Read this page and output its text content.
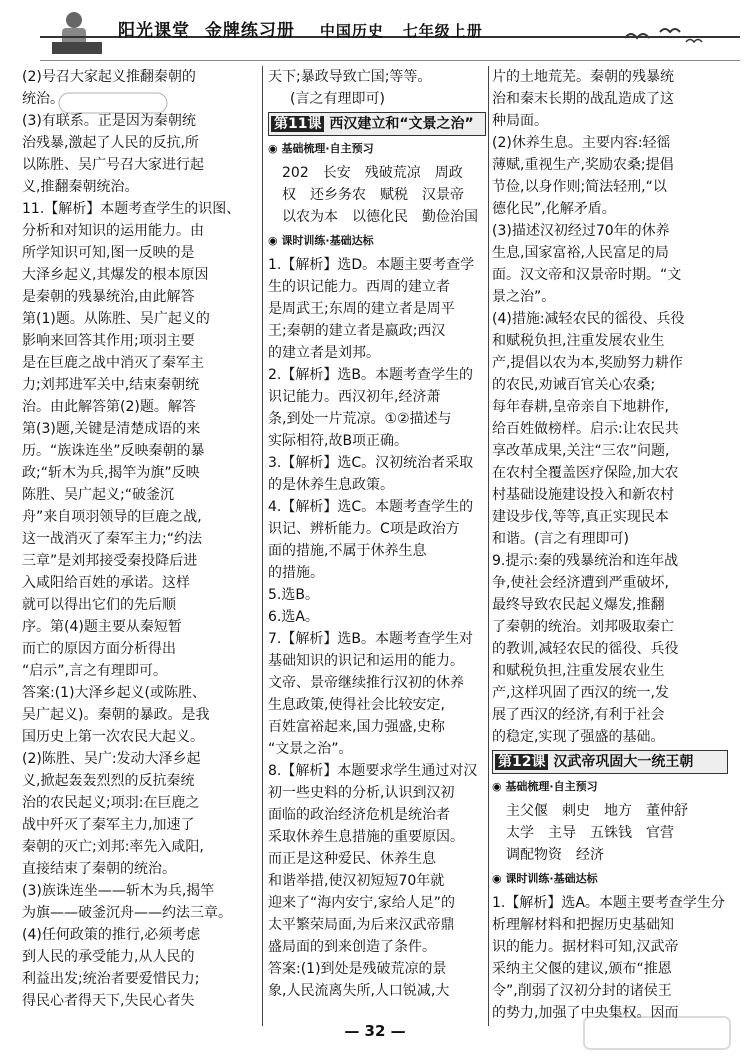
阳光课堂 金牌练习册 中国历史 七年级上册

(2)号召大家起义推翻秦朝的

统治。

(3)有联系。正是因为秦朝统

治残暴,激起了人民的反抗,所

以陈胜、吴广号召大家进行起

义,推翻秦朝统治。

11.【解析】本题考查学生的识图、

分析和对知识的运用能力。由

所学知识可知,图一反映的是

大泽乡起义,其爆发的根本原因

是秦朝的残暴统治,由此解答

第(1)题。从陈胜、吴广起义的

影响来回答其作用;项羽主要

是在巨鹿之战中消灭了秦军主

力;刘邦进军关中,结束秦朝统

治。由此解答第(2)题。解答

第(3)题,关键是清楚成语的来

历。“族诛连坐”反映秦朝的暴

政;“斩木为兵,揭竿为旗”反映

陈胜、吴广起义;“破釜沉

舟”来自项羽领导的巨鹿之战,

这一战消灭了秦军主力;“约法

三章”是刘邦接受秦投降后进

入咸阳给百姓的承诺。这样

就可以得出它们的先后顺

序。第(4)题主要从秦短暂

而亡的原因方面分析得出

“启示”,言之有理即可。

答案:(1)大泽乡起义(或陈胜、

吴广起义)。秦朝的暴政。是我

国历史上第一次农民大起义。

(2)陈胜、吴广:发动大泽乡起

义,掀起轰轰烈烈的反抗秦统

治的农民起义;项羽:在巨鹿之

战中歼灭了秦军主力,加速了

秦朝的灭亡;刘邦:率先入咸阳,

直接结束了秦朝的统治。

(3)族诛连坐——斩木为兵,揭竿

为旗——破釜沉舟——约法三章。

(4)任何政策的推行,必须考虑

到人民的承受能力,从人民的

利益出发;统治者要爱惜民力;

得民心者得天下,失民心者失

天下;暴政导致亡国;等等。

(言之有理即可)

第11课 西汉建立和“文景之治”
◉ 基础梳理·自主预习

202　长安　残破荒凉　周政

权　还乡务农　赋税　汉景帝

以农为本　以德化民　勤俭治国

◉ 课时训练·基础达标

1.【解析】选D。本题主要考查学

生的识记能力。西周的建立者

是周武王;东周的建立者是周平

王;秦朝的建立者是嬴政;西汉

的建立者是刘邦。

2.【解析】选B。本题考查学生的

识记能力。西汉初年,经济萧

条,到处一片荒凉。①②描述与

实际相符,故B项正确。

3.【解析】选C。汉初统治者采取

的是休养生息政策。

4.【解析】选C。本题考查学生的

识记、辨析能力。C项是政治方

面的措施,不属于休养生息

的措施。

5.选B。

6.选A。

7.【解析】选B。本题考查学生对

基础知识的识记和运用的能力。

文帝、景帝继续推行汉初的休养

生息政策,使得社会比较安定,

百姓富裕起来,国力强盛,史称

“文景之治”。

8.【解析】本题要求学生通过对汉

初一些史料的分析,认识到汉初

面临的政治经济危机是统治者

采取休养生息措施的重要原因。

而正是这种爱民、休养生息

和谐举措,使汉初短短70年就

迎来了“海内安宁,家给人足”的

太平繁荣局面,为后来汉武帝鼎

盛局面的到来创造了条件。

答案:(1)到处是残破荒凉的景

象,人民流离失所,人口锐减,大

片的土地荒芜。秦朝的残暴统

治和秦末长期的战乱造成了这

种局面。

(2)休养生息。主要内容:轻徭

薄赋,重视生产,奖励农桑;提倡

节俭,以身作则;简法轻刑,“以

德化民”,化解矛盾。

(3)描述汉初经过70年的休养

生息,国家富裕,人民富足的局

面。汉文帝和汉景帝时期。“文

景之治”。

(4)措施:减轻农民的徭役、兵役

和赋税负担,注重发展农业生

产,提倡以农为本,奖励努力耕作

的农民,劝诫百官关心农桑;

每年春耕,皇帝亲自下地耕作,

给百姓做榜样。启示:让农民共

享改革成果,关注“三农”问题,

在农村全覆盖医疗保险,加大农

村基础设施建设投入和新农村

建设步伐,等等,真正实现民本

和谐。(言之有理即可)

9.提示:秦的残暴统治和连年战

争,使社会经济遭到严重破坏,

最终导致农民起义爆发,推翻

了秦朝的统治。刘邦吸取秦亡

的教训,减轻农民的徭役、兵役

和赋税负担,注重发展农业生

产,这样巩固了西汉的统一,发

展了西汉的经济,有利于社会

的稳定,实现了强盛的基础。

第12课 汉武帝巩固大一统王朝
◉ 基础梳理·自主预习

主父偃　刺史　地方　董仲舒

太学　主导　五铢钱　官营

调配物资　经济

◉ 课时训练·基础达标

1.【解析】选A。本题主要考查学生分

析理解材料和把握历史基础知

识的能力。据材料可知,汉武帝

采纳主父偃的建议,颁布“推恩

令”,削弱了汉初分封的诸侯王

的势力,加强了中央集权。因而

— 32 —
